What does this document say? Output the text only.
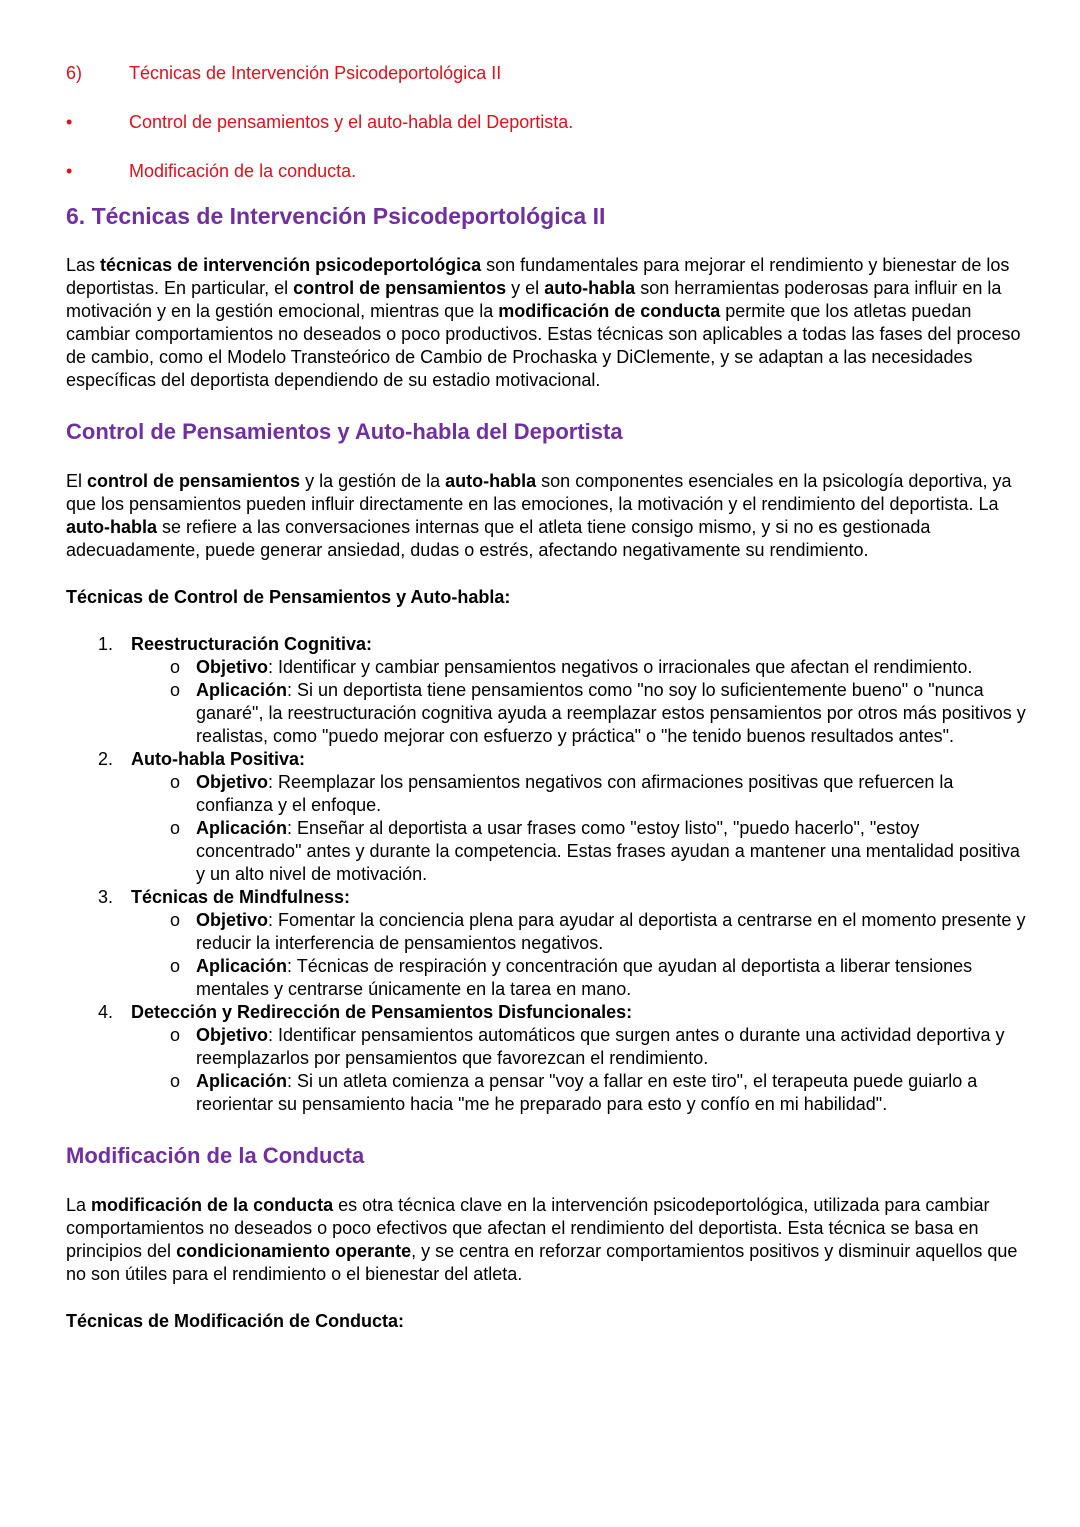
6)	Técnicas de Intervención Psicodeportológica II
•	Control de pensamientos y el auto-habla del Deportista.
•	Modificación de la conducta.
6. Técnicas de Intervención Psicodeportológica II

Las técnicas de intervención psicodeportológica son fundamentales para mejorar el rendimiento y bienestar de los deportistas. En particular, el control de pensamientos y el auto-habla son herramientas poderosas para influir en la motivación y en la gestión emocional, mientras que la modificación de conducta permite que los atletas puedan cambiar comportamientos no deseados o poco productivos. Estas técnicas son aplicables a todas las fases del proceso de cambio, como el Modelo Transteórico de Cambio de Prochaska y DiClemente, y se adaptan a las necesidades específicas del deportista dependiendo de su estadio motivacional.

Control de Pensamientos y Auto-habla del Deportista

El control de pensamientos y la gestión de la auto-habla son componentes esenciales en la psicología deportiva, ya que los pensamientos pueden influir directamente en las emociones, la motivación y el rendimiento del deportista. La auto-habla se refiere a las conversaciones internas que el atleta tiene consigo mismo, y si no es gestionada adecuadamente, puede generar ansiedad, dudas o estrés, afectando negativamente su rendimiento.

Técnicas de Control de Pensamientos y Auto-habla:
1. Reestructuración Cognitiva:
o Objetivo: Identificar y cambiar pensamientos negativos o irracionales que afectan el rendimiento.
o Aplicación: Si un deportista tiene pensamientos como "no soy lo suficientemente bueno" o "nunca ganaré", la reestructuración cognitiva ayuda a reemplazar estos pensamientos por otros más positivos y realistas, como "puedo mejorar con esfuerzo y práctica" o "he tenido buenos resultados antes".
2. Auto-habla Positiva:
o Objetivo: Reemplazar los pensamientos negativos con afirmaciones positivas que refuercen la confianza y el enfoque.
o Aplicación: Enseñar al deportista a usar frases como "estoy listo", "puedo hacerlo", "estoy concentrado" antes y durante la competencia. Estas frases ayudan a mantener una mentalidad positiva y un alto nivel de motivación.
3. Técnicas de Mindfulness:
o Objetivo: Fomentar la conciencia plena para ayudar al deportista a centrarse en el momento presente y reducir la interferencia de pensamientos negativos.
o Aplicación: Técnicas de respiración y concentración que ayudan al deportista a liberar tensiones mentales y centrarse únicamente en la tarea en mano.
4. Detección y Redirección de Pensamientos Disfuncionales:
o Objetivo: Identificar pensamientos automáticos que surgen antes o durante una actividad deportiva y reemplazarlos por pensamientos que favorezcan el rendimiento.
o Aplicación: Si un atleta comienza a pensar "voy a fallar en este tiro", el terapeuta puede guiarlo a reorientar su pensamiento hacia "me he preparado para esto y confío en mi habilidad".
Modificación de la Conducta

La modificación de la conducta es otra técnica clave en la intervención psicodeportológica, utilizada para cambiar comportamientos no deseados o poco efectivos que afectan el rendimiento del deportista. Esta técnica se basa en principios del condicionamiento operante, y se centra en reforzar comportamientos positivos y disminuir aquellos que no son útiles para el rendimiento o el bienestar del atleta.

Técnicas de Modificación de Conducta:
